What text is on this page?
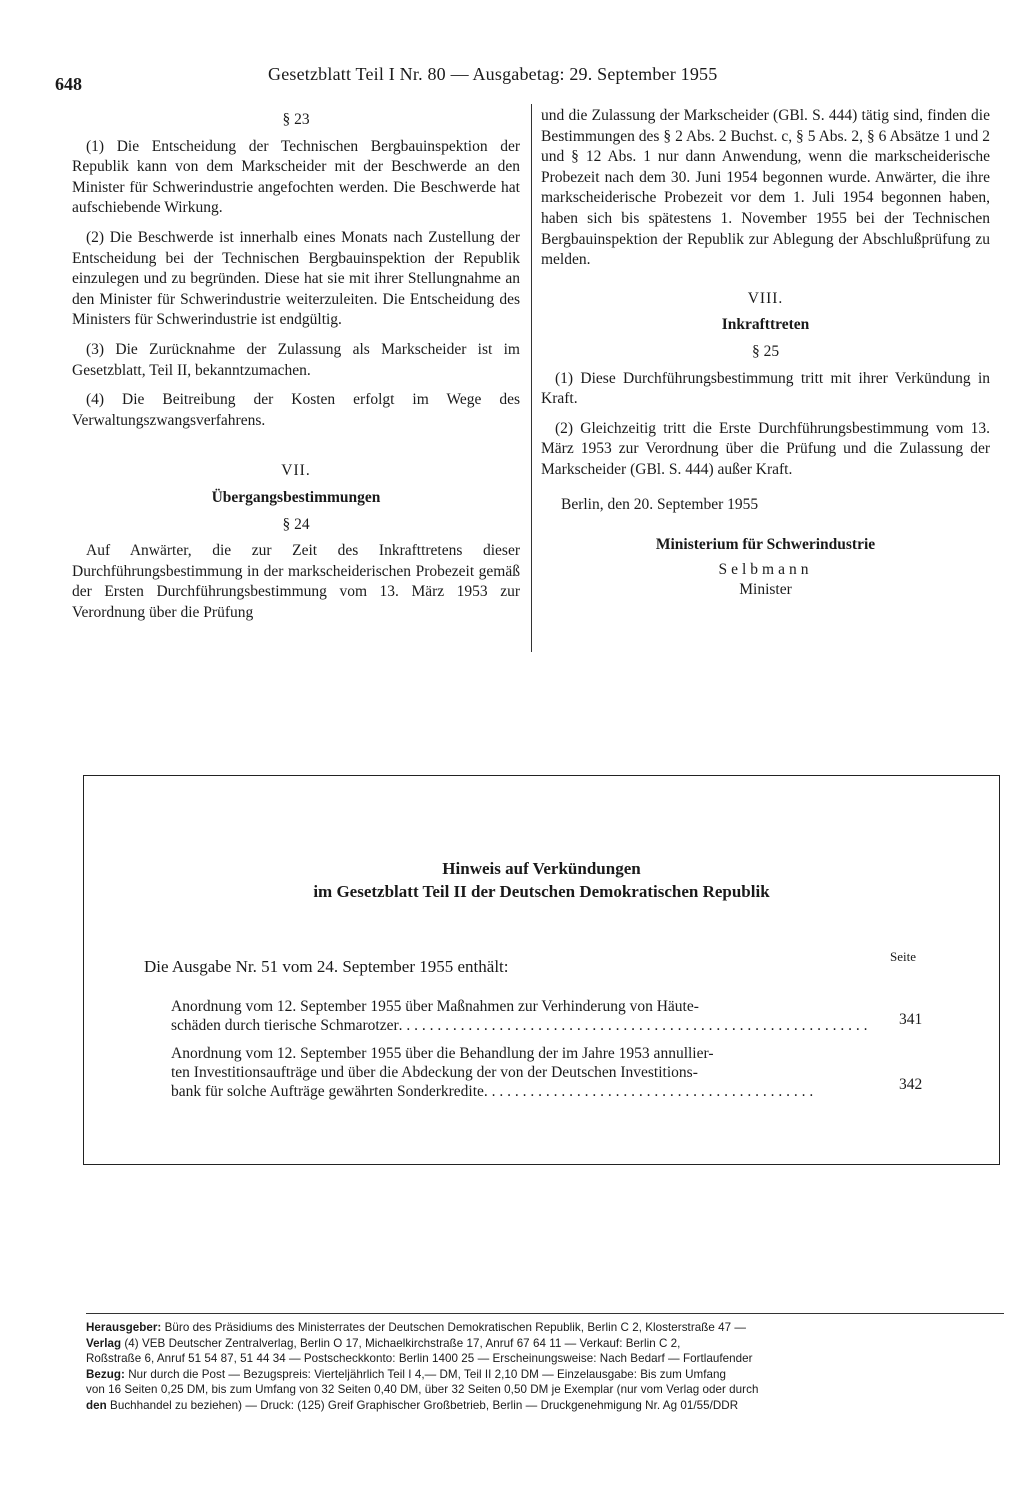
648	Gesetzblatt Teil I Nr. 80 — Ausgabetag: 29. September 1955

§ 23

(1) Die Entscheidung der Technischen Bergbauinspektion der Republik kann von dem Markscheider mit der Beschwerde an den Minister für Schwerindustrie angefochten werden. Die Beschwerde hat aufschiebende Wirkung.

(2) Die Beschwerde ist innerhalb eines Monats nach Zustellung der Entscheidung bei der Technischen Bergbauinspektion der Republik einzulegen und zu begründen. Diese hat sie mit ihrer Stellungnahme an den Minister für Schwerindustrie weiterzuleiten. Die Entscheidung des Ministers für Schwerindustrie ist endgültig.

(3) Die Zurücknahme der Zulassung als Markscheider ist im Gesetzblatt, Teil II, bekanntzumachen.

(4) Die Beitreibung der Kosten erfolgt im Wege des Verwaltungszwangsverfahrens.

VII.

Übergangsbestimmungen

§ 24

Auf Anwärter, die zur Zeit des Inkrafttretens dieser Durchführungsbestimmung in der markscheiderischen Probezeit gemäß der Ersten Durchführungsbestimmung vom 13. März 1953 zur Verordnung über die Prüfung

und die Zulassung der Markscheider (GBl. S. 444) tätig sind, finden die Bestimmungen des § 2 Abs. 2 Buchst. c, § 5 Abs. 2, § 6 Absätze 1 und 2 und § 12 Abs. 1 nur dann Anwendung, wenn die markscheiderische Probezeit nach dem 30. Juni 1954 begonnen wurde. Anwärter, die ihre markscheiderische Probezeit vor dem 1. Juli 1954 begonnen haben, haben sich bis spätestens 1. November 1955 bei der Technischen Bergbauinspektion der Republik zur Ablegung der Abschlußprüfung zu melden.

VIII.

Inkrafttreten

§ 25

(1) Diese Durchführungsbestimmung tritt mit ihrer Verkündung in Kraft.

(2) Gleichzeitig tritt die Erste Durchführungsbestimmung vom 13. März 1953 zur Verordnung über die Prüfung und die Zulassung der Markscheider (GBl. S. 444) außer Kraft.

Berlin, den 20. September 1955

Ministerium für Schwerindustrie

Selbmann

Minister

Hinweis auf Verkündungen
im Gesetzblatt Teil II der Deutschen Demokratischen Republik
Die Ausgabe Nr. 51 vom 24. September 1955 enthält:
Seite
Anordnung vom 12. September 1955 über Maßnahmen zur Verhinderung von Häute-
schäden durch tierische Schmarotzer. . . . . . . . . . . . . . . . . . . . . . . . . . . . . . . . . . . . . . . . . . . . . . . . . . . . . . . . . . . . . 341
Anordnung vom 12. September 1955 über die Behandlung der im Jahre 1953 annullier-
ten Investitionsaufträge und über die Abdeckung der von der Deutschen Investitions-
bank für solche Aufträge gewährten Sonderkredite. . . . . . . . . . . . . . . . . . . . . . . . . . . . . . . . . . . . . . . . . . .	342
Herausgeber: Büro des Präsidiums des Ministerrates der Deutschen Demokratischen Republik, Berlin C 2, Klosterstraße 47 —
Verlag (4) VEB Deutscher Zentralverlag, Berlin O 17, Michaelkirchstraße 17, Anruf 67 64 11 — Verkauf: Berlin C 2,
Roßstraße 6, Anruf 51 54 87, 51 44 34 — Postscheckkonto: Berlin 1400 25 — Erscheinungsweise: Nach Bedarf — Fortlaufender
Bezug: Nur durch die Post — Bezugspreis: Vierteljährlich Teil I 4,— DM, Teil II 2,10 DM — Einzelausgabe: Bis zum Umfang
von 16 Seiten 0,25 DM, bis zum Umfang von 32 Seiten 0,40 DM, über 32 Seiten 0,50 DM je Exemplar (nur vom Verlag oder durch
den Buchhandel zu beziehen) — Druck: (125) Greif Graphischer Großbetrieb, Berlin — Druckgenehmigung Nr. Ag 01/55/DDR
